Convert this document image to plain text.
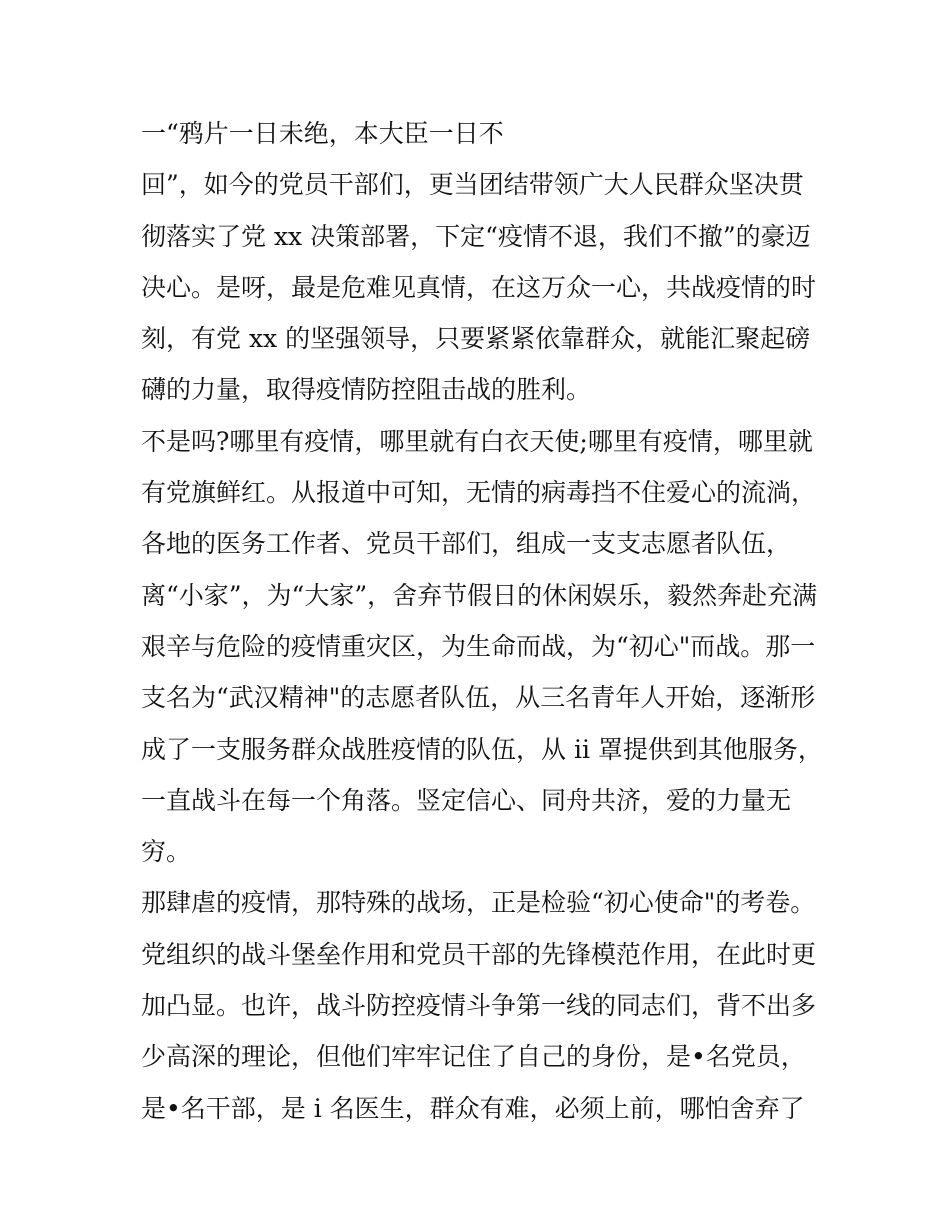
一“鸦片一日未绝，本大臣一日不
回”，如今的党员干部们，更当团结带领广大人民群众坚决贯
彻落实了党 xx 决策部署，下定“疫情不退，我们不撤”的豪迈
决心。是呀，最是危难见真情，在这万众一心，共战疫情的时
刻，有党 xx 的坚强领导，只要紧紧依靠群众，就能汇聚起磅
礴的力量，取得疫情防控阻击战的胜利。
不是吗?哪里有疫情，哪里就有白衣天使;哪里有疫情，哪里就
有党旗鲜红。从报道中可知，无情的病毒挡不住爱心的流淌，
各地的医务工作者、党员干部们，组成一支支志愿者队伍，
离“小家”，为“大家”，舍弃节假日的休闲娱乐，毅然奔赴充满
艰辛与危险的疫情重灾区，为生命而战，为“初心"而战。那一
支名为“武汉精神"的志愿者队伍，从三名青年人开始，逐渐形
成了一支服务群众战胜疫情的队伍，从 ii 罩提供到其他服务，
一直战斗在每一个角落。竖定信心、同舟共济，爱的力量无
穷。
那肆虐的疫情，那特殊的战场，正是检验“初心使命"的考卷。
党组织的战斗堡垒作用和党员干部的先锋模范作用，在此时更
加凸显。也许，战斗防控疫情斗争第一线的同志们，背不出多
少高深的理论，但他们牢牢记住了自己的身份，是•名党员，
是•名干部，是 i 名医生，群众有难，必须上前，哪怕舍弃了
